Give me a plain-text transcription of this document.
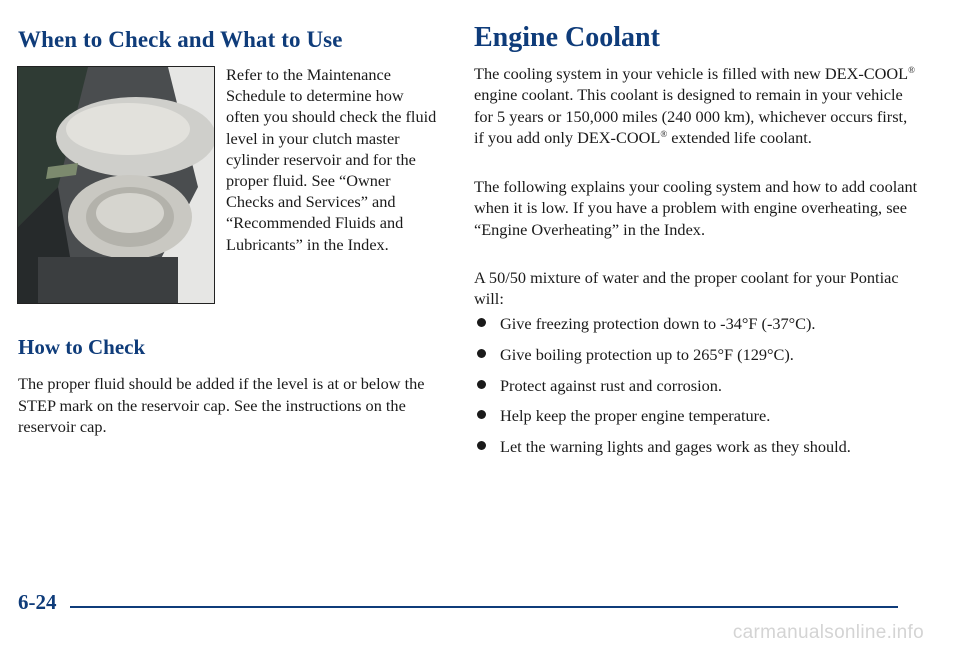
When to Check and What to Use

Refer to the Maintenance Schedule to determine how often you should check the fluid level in your clutch master cylinder reservoir and for the proper fluid. See “Owner Checks and Services” and “Recommended Fluids and Lubricants” in the Index.

How to Check

The proper fluid should be added if the level is at or below the STEP mark on the reservoir cap. See the instructions on the reservoir cap.

Engine Coolant

The cooling system in your vehicle is filled with new DEX-COOL® engine coolant. This coolant is designed to remain in your vehicle for 5 years or 150,000 miles (240 000 km), whichever occurs first, if you add only DEX-COOL® extended life coolant.

The following explains your cooling system and how to add coolant when it is low. If you have a problem with engine overheating, see “Engine Overheating” in the Index.

A 50/50 mixture of water and the proper coolant for your Pontiac will:

Give freezing protection down to -34°F (-37°C).
Give boiling protection up to 265°F (129°C).
Protect against rust and corrosion.
Help keep the proper engine temperature.
Let the warning lights and gages work as they should.

6-24

carmanualsonline.info
